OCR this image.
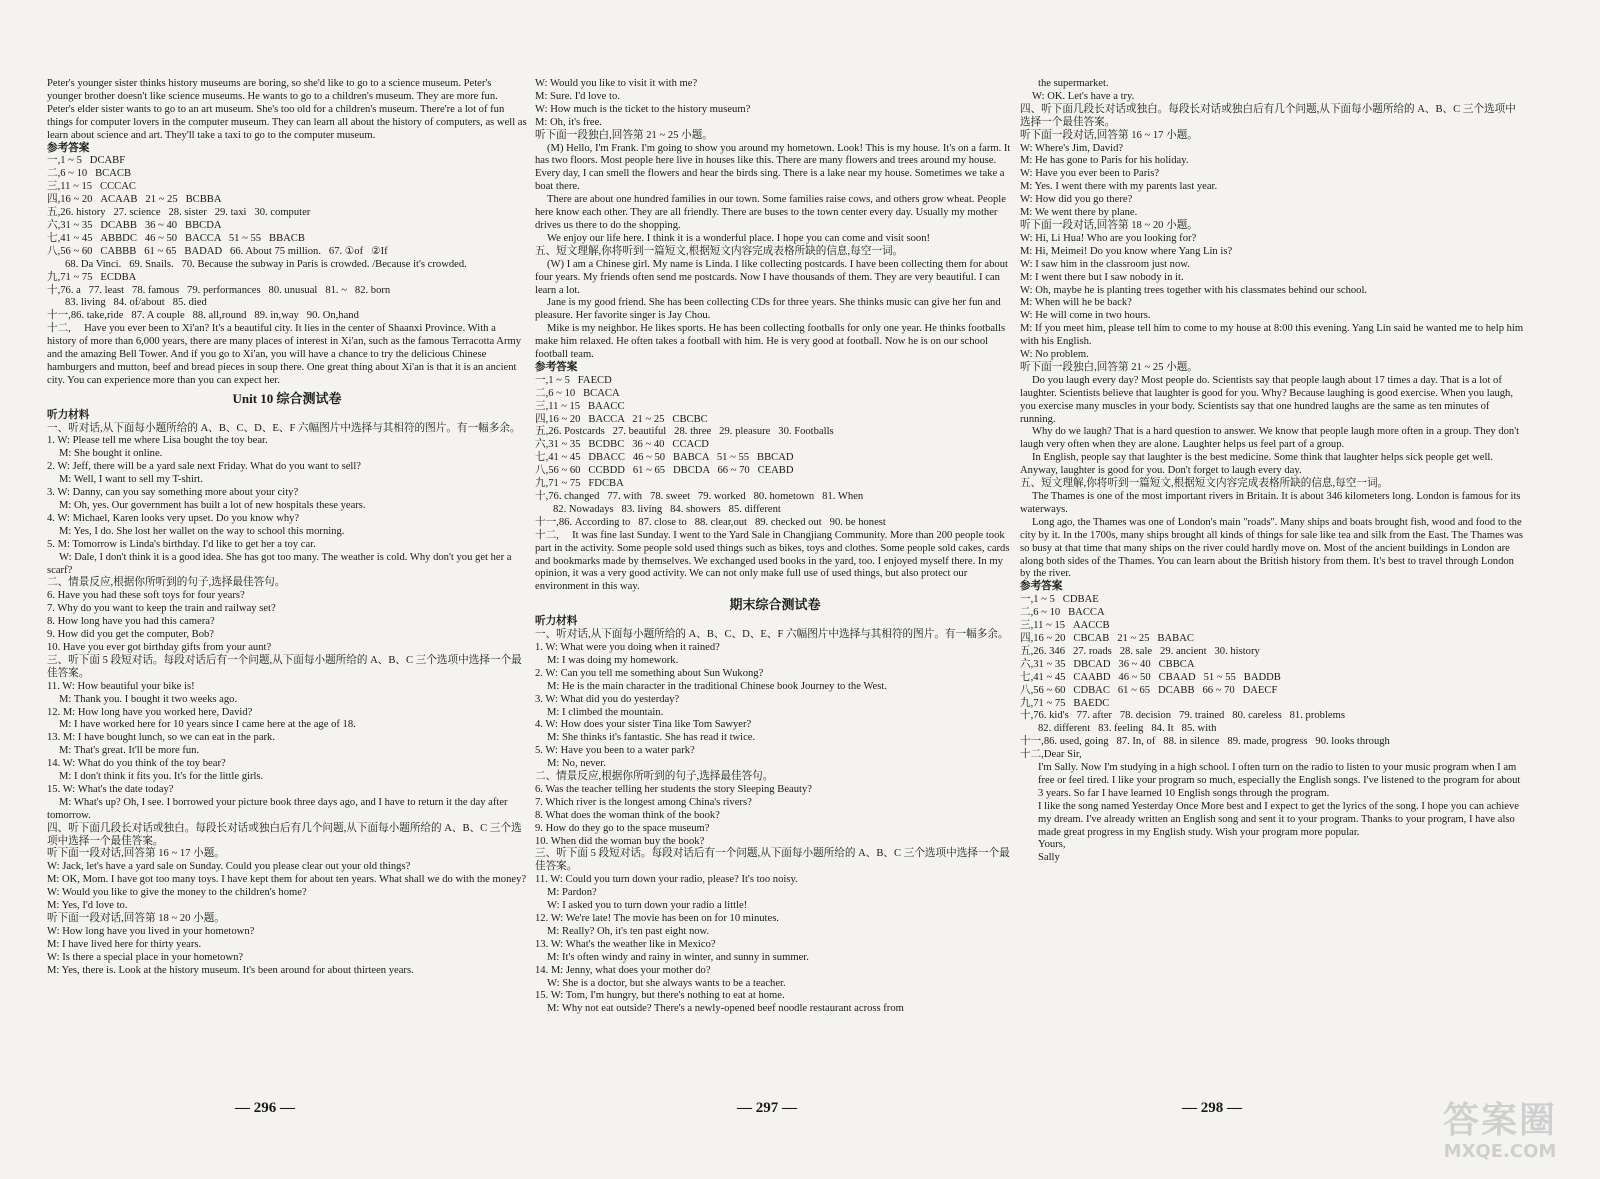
Peter's younger sister thinks history museums are boring, so she'd like to go to a science museum. Peter's younger brother doesn't like science museums. He wants to go to a children's museum. They are more fun. Peter's elder sister wants to go to an art museum. She's too old for a children's museum. There're a lot of fun things for computer lovers in the computer museum. They can learn all about the history of computers, as well as learn about science and art. They'll take a taxi to go to the computer museum.
参考答案
一,1 ~ 5   DCABF
二,6 ~ 10   BCACB
三,11 ~ 15   CCCAC
四,16 ~ 20   ACAAB   21 ~ 25   BCBBA
五,26. history   27. science   28. sister   29. taxi   30. computer
六,31 ~ 35   DCABB   36 ~ 40   BBCDA
七,41 ~ 45   ABBDC   46 ~ 50   BACCA   51 ~ 55   BBACB
八,56 ~ 60   CABBB   61 ~ 65   BADAD   66. About 75 million.   67. ①of   ②If
68. Da Vinci.   69. Snails.   70. Because the subway in Paris is crowded. /Because it's crowded.
九,71 ~ 75   ECDBA
十,76. a   77. least   78. famous   79. performances   80. unusual   81. ~   82. born
83. living   84. of/about   85. died
十一,86. take,ride   87. A couple   88. all,round   89. in,way   90. On,hand
十二,     Have you ever been to Xi'an? It's a beautiful city. It lies in the center of Shaanxi Province. With a history of more than 6,000 years, there are many places of interest in Xi'an, such as the famous Terracotta Army and the amazing Bell Tower. And if you go to Xi'an, you will have a chance to try the delicious Chinese hamburgers and mutton, beef and bread pieces in soup there. One great thing about Xi'an is that it is an ancient city. You can experience more than you can expect her.
Unit 10 综合测试卷
听力材料
一、听对话,从下面每小题所给的 A、B、C、D、E、F 六幅图片中选择与其相符的图片。有一幅多余。
1. W: Please tell me where Lisa bought the toy bear.
M: She bought it online.
2. W: Jeff, there will be a yard sale next Friday. What do you want to sell?
M: Well, I want to sell my T-shirt.
3. W: Danny, can you say something more about your city?
M: Oh, yes. Our government has built a lot of new hospitals these years.
4. W: Michael, Karen looks very upset. Do you know why?
M: Yes, I do. She lost her wallet on the way to school this morning.
5. M: Tomorrow is Linda's birthday. I'd like to get her a toy car.
W: Dale, I don't think it is a good idea. She has got too many. The weather is cold. Why don't you get her a scarf?
二、情景反应,根据你所听到的句子,选择最佳答句。
6. Have you had these soft toys for four years?
7. Why do you want to keep the train and railway set?
8. How long have you had this camera?
9. How did you get the computer, Bob?
10. Have you ever got birthday gifts from your aunt?
三、听下面 5 段短对话。每段对话后有一个问题,从下面每小题所给的 A、B、C 三个选项中选择一个最佳答案。
11. W: How beautiful your bike is!
M: Thank you. I bought it two weeks ago.
12. M: How long have you worked here, David?
M: I have worked here for 10 years since I came here at the age of 18.
13. M: I have bought lunch, so we can eat in the park.
M: That's great. It'll be more fun.
14. W: What do you think of the toy bear?
M: I don't think it fits you. It's for the little girls.
15. W: What's the date today?
M: What's up? Oh, I see. I borrowed your picture book three days ago, and I have to return it the day after tomorrow.
四、听下面几段长对话或独白。每段长对话或独白后有几个问题,从下面每小题所给的 A、B、C 三个选项中选择一个最佳答案。
听下面一段对话,回答第 16 ~ 17 小题。
W: Jack, let's have a yard sale on Sunday. Could you please clear out your old things?
M: OK, Mom. I have got too many toys. I have kept them for about ten years. What shall we do with the money?
W: Would you like to give the money to the children's home?
M: Yes, I'd love to.
听下面一段对话,回答第 18 ~ 20 小题。
W: How long have you lived in your hometown?
M: I have lived here for thirty years.
W: Is there a special place in your hometown?
M: Yes, there is. Look at the history museum. It's been around for about thirteen years.
W: Would you like to visit it with me?
M: Sure. I'd love to.
W: How much is the ticket to the history museum?
M: Oh, it's free.
听下面一段独白,回答第 21 ~ 25 小题。
(M) Hello, I'm Frank. I'm going to show you around my hometown. Look! This is my house. It's on a farm. It has two floors. Most people here live in houses like this. There are many flowers and trees around my house. Every day, I can smell the flowers and hear the birds sing. There is a lake near my house. Sometimes we take a boat there.
There are about one hundred families in our town. Some families raise cows, and others grow wheat. People here know each other. They are all friendly. There are buses to the town center every day. Usually my mother drives us there to do the shopping.
We enjoy our life here. I think it is a wonderful place. I hope you can come and visit soon!
五、短文理解,你将听到一篇短文,根据短文内容完成表格所缺的信息,每空一词。
(W) I am a Chinese girl. My name is Linda. I like collecting postcards. I have been collecting them for about four years. My friends often send me postcards. Now I have thousands of them. They are very beautiful. I can learn a lot.
Jane is my good friend. She has been collecting CDs for three years. She thinks music can give her fun and pleasure. Her favorite singer is Jay Chou.
Mike is my neighbor. He likes sports. He has been collecting footballs for only one year. He thinks footballs make him relaxed. He often takes a football with him. He is very good at football. Now he is on our school football team.
参考答案
一,1 ~ 5   FAECD
二,6 ~ 10   BCACA
三,11 ~ 15   BAACC
四,16 ~ 20   BACCA   21 ~ 25   CBCBC
五,26. Postcards   27. beautiful   28. three   29. pleasure   30. Footballs
六,31 ~ 35   BCDBC   36 ~ 40   CCACD
七,41 ~ 45   DBACC   46 ~ 50   BABCA   51 ~ 55   BBCAD
八,56 ~ 60   CCBDD   61 ~ 65   DBCDA   66 ~ 70   CEABD
九,71 ~ 75   FDCBA
十,76. changed   77. with   78. sweet   79. worked   80. hometown   81. When
82. Nowadays   83. living   84. showers   85. different
十一,86. According to   87. close to   88. clear,out   89. checked out   90. be honest
十二,     It was fine last Sunday. I went to the Yard Sale in Changjiang Community. More than 200 people took part in the activity. Some people sold used things such as bikes, toys and clothes. Some people sold cakes, cards and bookmarks made by themselves. We exchanged used books in the yard, too. I enjoyed myself there. In my opinion, it was a very good activity. We can not only make full use of used things, but also protect our environment in this way.
期末综合测试卷
听力材料
一、听对话,从下面每小题所给的 A、B、C、D、E、F 六幅图片中选择与其相符的图片。有一幅多余。
1. W: What were you doing when it rained?
M: I was doing my homework.
2. W: Can you tell me something about Sun Wukong?
M: He is the main character in the traditional Chinese book Journey to the West.
3. W: What did you do yesterday?
M: I climbed the mountain.
4. W: How does your sister Tina like Tom Sawyer?
M: She thinks it's fantastic. She has read it twice.
5. W: Have you been to a water park?
M: No, never.
二、情景反应,根据你所听到的句子,选择最佳答句。
6. Was the teacher telling her students the story Sleeping Beauty?
7. Which river is the longest among China's rivers?
8. What does the woman think of the book?
9. How do they go to the space museum?
10. When did the woman buy the book?
三、听下面 5 段短对话。每段对话后有一个问题,从下面每小题所给的 A、B、C 三个选项中选择一个最佳答案。
11. W: Could you turn down your radio, please? It's too noisy.
M: Pardon?
W: I asked you to turn down your radio a little!
12. W: We're late! The movie has been on for 10 minutes.
M: Really? Oh, it's ten past eight now.
13. W: What's the weather like in Mexico?
M: It's often windy and rainy in winter, and sunny in summer.
14. M: Jenny, what does your mother do?
W: She is a doctor, but she always wants to be a teacher.
15. W: Tom, I'm hungry, but there's nothing to eat at home.
M: Why not eat outside? There's a newly-opened beef noodle restaurant across from
the supermarket.
W: OK. Let's have a try.
四、听下面几段长对话或独白。每段长对话或独白后有几个问题,从下面每小题所给的 A、B、C 三个选项中选择一个最佳答案。
听下面一段对话,回答第 16 ~ 17 小题。
W: Where's Jim, David?
M: He has gone to Paris for his holiday.
W: Have you ever been to Paris?
M: Yes. I went there with my parents last year.
W: How did you go there?
M: We went there by plane.
听下面一段对话,回答第 18 ~ 20 小题。
W: Hi, Li Hua! Who are you looking for?
M: Hi, Meimei! Do you know where Yang Lin is?
W: I saw him in the classroom just now.
M: I went there but I saw nobody in it.
W: Oh, maybe he is planting trees together with his classmates behind our school.
M: When will he be back?
W: He will come in two hours.
M: If you meet him, please tell him to come to my house at 8:00 this evening. Yang Lin said he wanted me to help him with his English.
W: No problem.
听下面一段独白,回答第 21 ~ 25 小题。
Do you laugh every day? Most people do. Scientists say that people laugh about 17 times a day. That is a lot of laughter. Scientists believe that laughter is good for you. Why? Because laughing is good exercise. When you laugh, you exercise many muscles in your body. Scientists say that one hundred laughs are the same as ten minutes of running.
Why do we laugh? That is a hard question to answer. We know that people laugh more often in a group. They don't laugh very often when they are alone. Laughter helps us feel part of a group.
In English, people say that laughter is the best medicine. Some think that laughter helps sick people get well. Anyway, laughter is good for you. Don't forget to laugh every day.
五、短文理解,你将听到一篇短文,根据短文内容完成表格所缺的信息,每空一词。
The Thames is one of the most important rivers in Britain. It is about 346 kilometers long. London is famous for its waterways.
Long ago, the Thames was one of London's main "roads". Many ships and boats brought fish, wood and food to the city by it. In the 1700s, many ships brought all kinds of things for sale like tea and silk from the East. The Thames was so busy at that time that many ships on the river could hardly move on. Most of the ancient buildings in London are along both sides of the Thames. You can learn about the British history from them. It's best to travel through London by the river.
参考答案
一,1 ~ 5   CDBAE
二,6 ~ 10   BACCA
三,11 ~ 15   AACCB
四,16 ~ 20   CBCAB   21 ~ 25   BABAC
五,26. 346   27. roads   28. sale   29. ancient   30. history
六,31 ~ 35   DBCAD   36 ~ 40   CBBCA
七,41 ~ 45   CAABD   46 ~ 50   CBAAD   51 ~ 55   BADDB
八,56 ~ 60   CDBAC   61 ~ 65   DCABB   66 ~ 70   DAECF
九,71 ~ 75   BAEDC
十,76. kid's   77. after   78. decision   79. trained   80. careless   81. problems
82. different   83. feeling   84. It   85. with
十一,86. used, going   87. In, of   88. in silence   89. made, progress   90. looks through
十二,Dear Sir,
I'm Sally. Now I'm studying in a high school. I often turn on the radio to listen to your music program when I am free or feel tired. I like your program so much, especially the English songs. I've listened to the program for about 3 years. So far I have learned 10 English songs through the program.
I like the song named Yesterday Once More best and I expect to get the lyrics of the song. I hope you can achieve my dream. I've already written an English song and sent it to your program. Thanks to your program, I have also made great progress in my English study. Wish your program more popular.
Yours,
Sally
— 296 —	— 297 —	— 298 —	答案圈
MXQE.COM
